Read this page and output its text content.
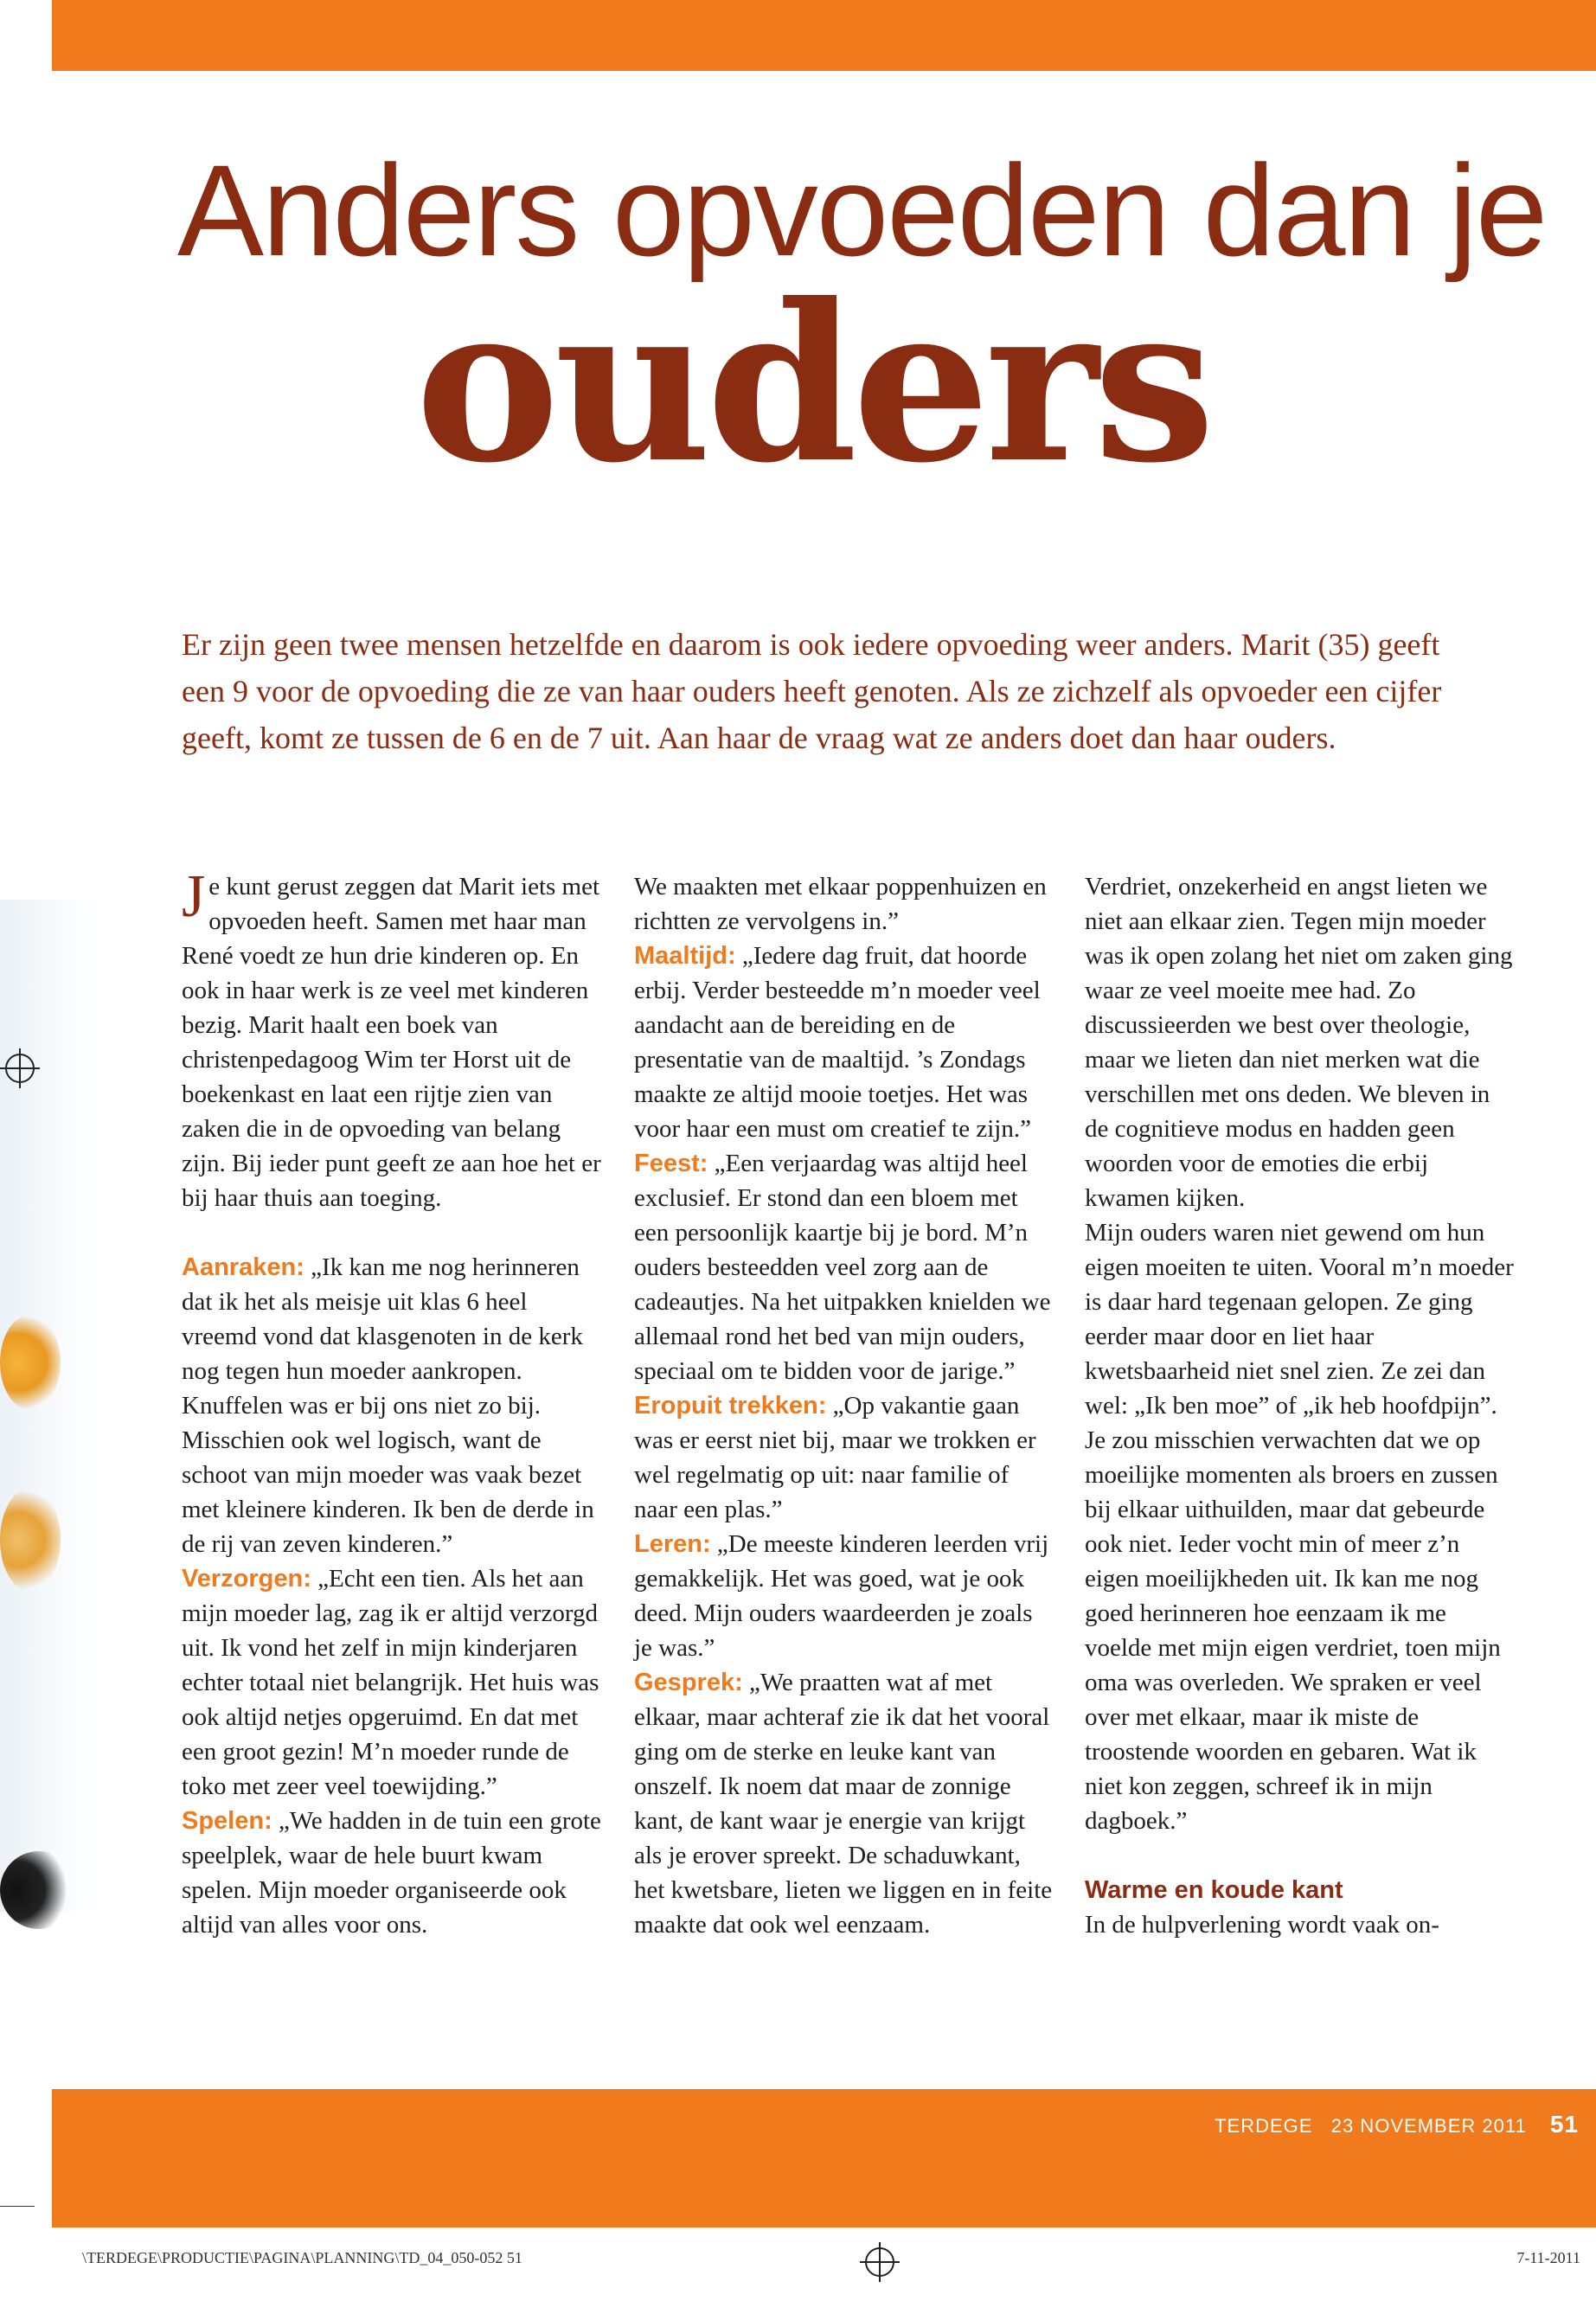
Anders opvoeden dan je
ouders

Er zijn geen twee mensen hetzelfde en daarom is ook iedere opvoeding weer anders. Marit (35) geeft een 9 voor de opvoeding die ze van haar ouders heeft genoten. Als ze zichzelf als opvoeder een cijfer geeft, komt ze tussen de 6 en de 7 uit. Aan haar de vraag wat ze anders doet dan haar ouders.

Je kunt gerust zeggen dat Marit iets met opvoeden heeft. Samen met haar man René voedt ze hun drie kinderen op. En ook in haar werk is ze veel met kinderen bezig. Marit haalt een boek van christenpedagoog Wim ter Horst uit de boekenkast en laat een rijtje zien van zaken die in de opvoeding van belang zijn. Bij ieder punt geeft ze aan hoe het er bij haar thuis aan toeging.

Aanraken: „Ik kan me nog herinneren dat ik het als meisje uit klas 6 heel vreemd vond dat klasgenoten in de kerk nog tegen hun moeder aankropen. Knuffelen was er bij ons niet zo bij. Misschien ook wel logisch, want de schoot van mijn moeder was vaak bezet met kleinere kinderen. Ik ben de derde in de rij van zeven kinderen.”

Verzorgen: „Echt een tien. Als het aan mijn moeder lag, zag ik er altijd verzorgd uit. Ik vond het zelf in mijn kinderjaren echter totaal niet belangrijk. Het huis was ook altijd netjes opgeruimd. En dat met een groot gezin! M’n moeder runde de toko met zeer veel toewijding.”

Spelen: „We hadden in de tuin een grote speelplek, waar de hele buurt kwam spelen. Mijn moeder organiseerde ook altijd van alles voor ons.

We maakten met elkaar poppenhuizen en richtten ze vervolgens in.”

Maaltijd: „Iedere dag fruit, dat hoorde erbij. Verder besteedde m’n moeder veel aandacht aan de bereiding en de presentatie van de maaltijd. ’s Zondags maakte ze altijd mooie toetjes. Het was voor haar een must om creatief te zijn.”

Feest: „Een verjaardag was altijd heel exclusief. Er stond dan een bloem met een persoonlijk kaartje bij je bord. M’n ouders besteedden veel zorg aan de cadeautjes. Na het uitpakken knielden we allemaal rond het bed van mijn ouders, speciaal om te bidden voor de jarige.”

Eropuit trekken: „Op vakantie gaan was er eerst niet bij, maar we trokken er wel regelmatig op uit: naar familie of naar een plas.”

Leren: „De meeste kinderen leerden vrij gemakkelijk. Het was goed, wat je ook deed. Mijn ouders waardeerden je zoals je was.”

Gesprek: „We praatten wat af met elkaar, maar achteraf zie ik dat het vooral ging om de sterke en leuke kant van onszelf. Ik noem dat maar de zonnige kant, de kant waar je energie van krijgt als je erover spreekt. De schaduwkant, het kwetsbare, lieten we liggen en in feite maakte dat ook wel eenzaam.

Verdriet, onzekerheid en angst lieten we niet aan elkaar zien. Tegen mijn moeder was ik open zolang het niet om zaken ging waar ze veel moeite mee had. Zo discussieerden we best over theologie, maar we lieten dan niet merken wat die verschillen met ons deden. We bleven in de cognitieve modus en hadden geen woorden voor de emoties die erbij kwamen kijken.

Mijn ouders waren niet gewend om hun eigen moeiten te uiten. Vooral m’n moeder is daar hard tegenaan gelopen. Ze ging eerder maar door en liet haar kwetsbaarheid niet snel zien. Ze zei dan wel: „Ik ben moe” of „ik heb hoofdpijn”.

Je zou misschien verwachten dat we op moeilijke momenten als broers en zussen bij elkaar uithuilden, maar dat gebeurde ook niet. Ieder vocht min of meer z’n eigen moeilijkheden uit. Ik kan me nog goed herinneren hoe eenzaam ik me voelde met mijn eigen verdriet, toen mijn oma was overleden. We spraken er veel over met elkaar, maar ik miste de troostende woorden en gebaren. Wat ik niet kon zeggen, schreef ik in mijn dagboek.”

Warme en koude kant

In de hulpverlening wordt vaak on-

TERDEGE 23 NOVEMBER 2011 51
\TERDEGE\PRODUCTIE\PAGINA\PLANNING\TD_04_050-052 51	7-11-2011
